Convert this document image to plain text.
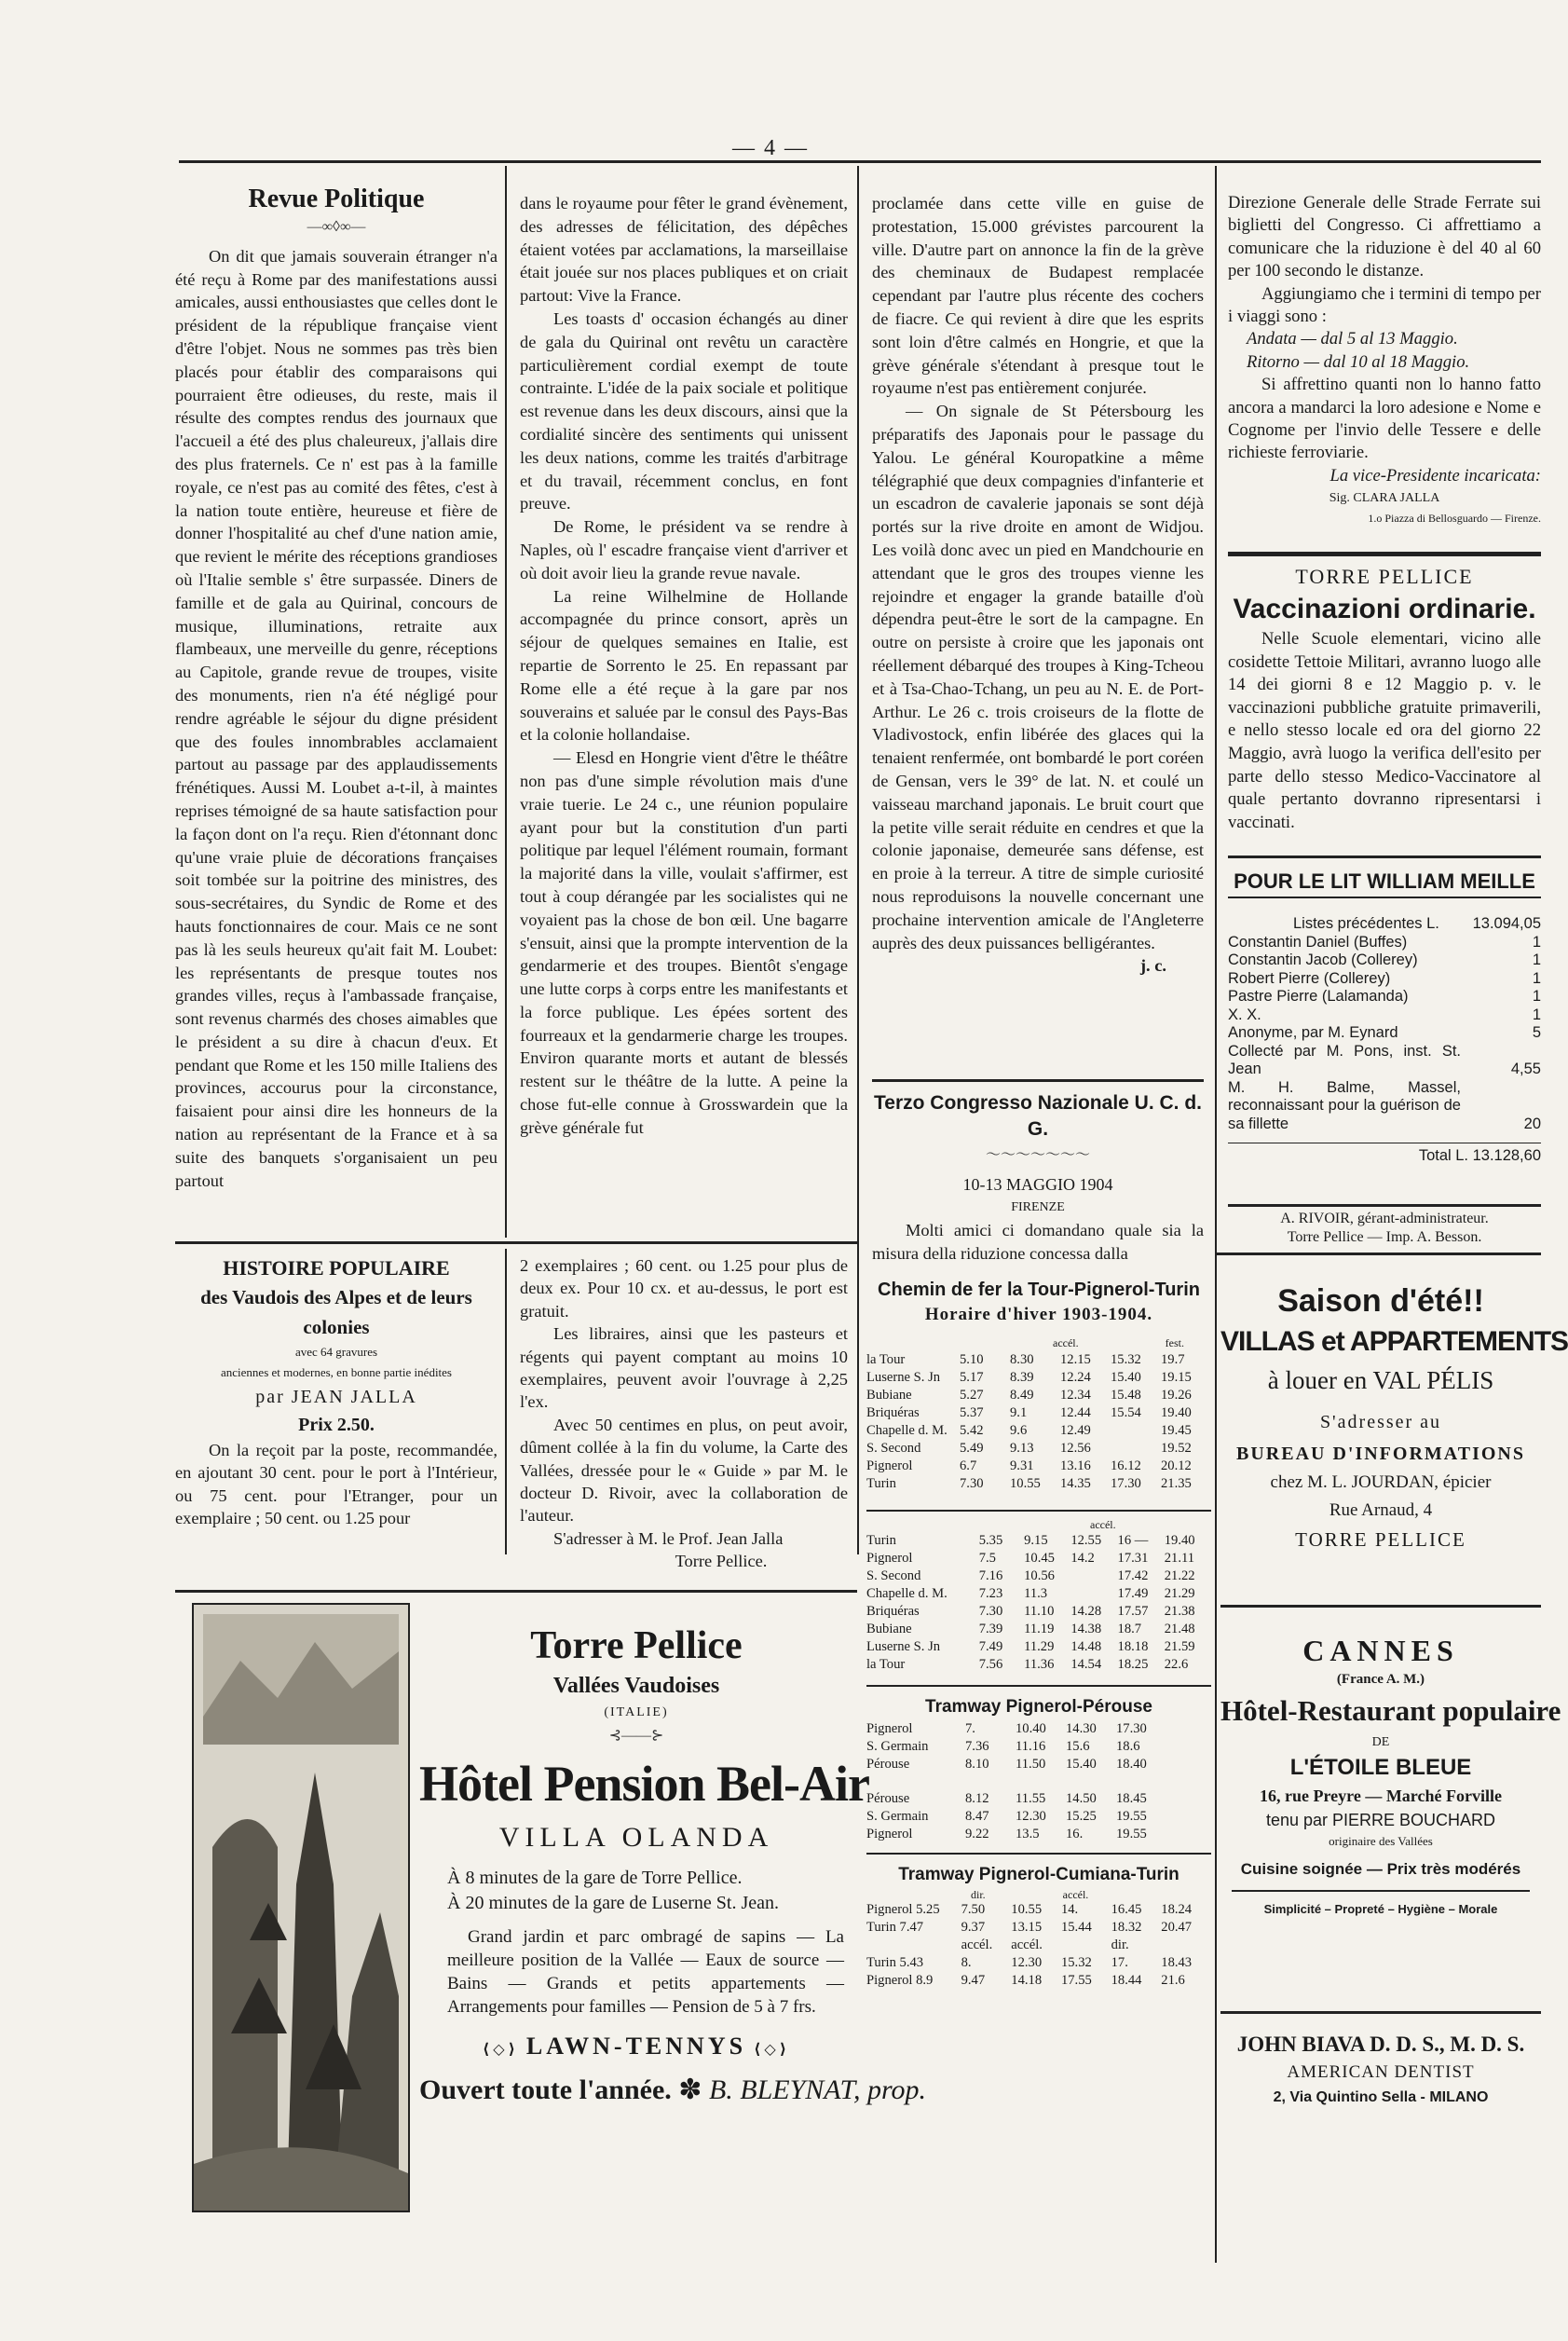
— 4 —
Revue Politique
—∞◊∞—

On dit que jamais souverain étranger n'a été reçu à Rome par des manifestations aussi amicales, aussi enthousiastes que celles dont le président de la république française vient d'être l'objet. Nous ne sommes pas très bien placés pour établir des comparaisons qui pourraient être odieuses, du reste, mais il résulte des comptes rendus des journaux que l'accueil a été des plus chaleureux, j'allais dire des plus fraternels. Ce n' est pas à la famille royale, ce n'est pas au comité des fêtes, c'est à la nation toute entière, heureuse et fière de donner l'hospitalité au chef d'une nation amie, que revient le mérite des réceptions grandioses où l'Italie semble s' être surpassée. Diners de famille et de gala au Quirinal, concours de musique, illuminations, retraite aux flambeaux, une merveille du genre, réceptions au Capitole, grande revue de troupes, visite des monuments, rien n'a été négligé pour rendre agréable le séjour du digne président que des foules innombrables acclamaient partout au passage par des applaudissements frénétiques. Aussi M. Loubet a-t-il, à maintes reprises témoigné de sa haute satisfaction pour la façon dont on l'a reçu. Rien d'étonnant donc qu'une vraie pluie de décorations françaises soit tombée sur la poitrine des ministres, des sous-secrétaires, du Syndic de Rome et des hauts fonctionnaires de cour. Mais ce ne sont pas là les seuls heureux qu'ait fait M. Loubet: les représentants de presque toutes nos grandes villes, reçus à l'ambassade française, sont revenus charmés des choses aimables que le président a su dire à chacun d'eux. Et pendant que Rome et les 150 mille Italiens des provinces, accourus pour la circonstance, faisaient pour ainsi dire les honneurs de la nation au représentant de la France et à sa suite des banquets s'organisaient un peu partout

dans le royaume pour fêter le grand évènement, des adresses de félicitation, des dépêches étaient votées par acclamations, la marseillaise était jouée sur nos places publiques et on criait partout: Vive la France.

Les toasts d' occasion échangés au diner de gala du Quirinal ont revêtu un caractère particulièrement cordial exempt de toute contrainte. L'idée de la paix sociale et politique est revenue dans les deux discours, ainsi que la cordialité sincère des sentiments qui unissent les deux nations, comme les traités d'arbitrage et du travail, récemment conclus, en font preuve.

De Rome, le président va se rendre à Naples, où l' escadre française vient d'arriver et où doit avoir lieu la grande revue navale.

La reine Wilhelmine de Hollande accompagnée du prince consort, après un séjour de quelques semaines en Italie, est repartie de Sorrento le 25. En repassant par Rome elle a été reçue à la gare par nos souverains et saluée par le consul des Pays-Bas et la colonie hollandaise.

— Elesd en Hongrie vient d'être le théâtre non pas d'une simple révolution mais d'une vraie tuerie. Le 24 c., une réunion populaire ayant pour but la constitution d'un parti politique par lequel l'élément roumain, formant la majorité dans la ville, voulait s'affirmer, est tout à coup dérangée par les socialistes qui ne voyaient pas la chose de bon œil. Une bagarre s'ensuit, ainsi que la prompte intervention de la gendarmerie et des troupes. Bientôt s'engage une lutte corps à corps entre les manifestants et la force publique. Les épées sortent des fourreaux et la gendarmerie charge les troupes. Environ quarante morts et autant de blessés restent sur le théâtre de la lutte. A peine la chose fut-elle connue à Grosswardein que la grève générale fut

proclamée dans cette ville en guise de protestation, 15.000 grévistes parcourent la ville. D'autre part on annonce la fin de la grève des cheminaux de Budapest remplacée cependant par l'autre plus récente des cochers de fiacre. Ce qui revient à dire que les esprits sont loin d'être calmés en Hongrie, et que la grève générale s'étendant à presque tout le royaume n'est pas entièrement conjurée.

— On signale de St Pétersbourg les préparatifs des Japonais pour le passage du Yalou. Le général Kouropatkine a même télégraphié que deux compagnies d'infanterie et un escadron de cavalerie japonais se sont déjà portés sur la rive droite en amont de Widjou. Les voilà donc avec un pied en Mandchourie en attendant que le gros des troupes vienne les rejoindre et engager la grande bataille d'où dépendra peut-être le sort de la campagne. En outre on persiste à croire que les japonais ont réellement débarqué des troupes à King-Tcheou et à Tsa-Chao-Tchang, un peu au N. E. de Port-Arthur. Le 26 c. trois croiseurs de la flotte de Vladivostock, enfin libérée des glaces qui la tenaient renfermée, ont bombardé le port coréen de Gensan, vers le 39° de lat. N. et coulé un vaisseau marchand japonais. Le bruit court que la petite ville serait réduite en cendres et que la colonie japonaise, demeurée sans défense, est en proie à la terreur. A titre de simple curiosité nous reproduisons la nouvelle concernant une prochaine intervention amicale de l'Angleterre auprès des deux puissances belligérantes.

j. c.
Terzo Congresso Nazionale U. C. d. G.
〜〜〜〜〜〜〜
10-13 MAGGIO 1904
FIRENZE

Molti amici ci domandano quale sia la misura della riduzione concessa dalla

Direzione Generale delle Strade Ferrate sui biglietti del Congresso. Ci affrettiamo a comunicare che la riduzione è del 40 al 60 per 100 secondo le distanze.

Aggiungiamo che i termini di tempo per i viaggi sono :

Andata — dal 5 al 13 Maggio.

Ritorno — dal 10 al 18 Maggio.

Si affrettino quanti non lo hanno fatto ancora a mandarci la loro adesione e Nome e Cognome per l'invio delle Tessere e delle richieste ferroviarie.

La vice-Presidente incaricata:
Sig. CLARA JALLA
1.o Piazza di Bellosguardo — Firenze.
TORRE PELLICE
Vaccinazioni ordinarie.

Nelle Scuole elementari, vicino alle cosidette Tettoie Militari, avranno luogo alle 14 dei giorni 8 e 12 Maggio p. v. le vaccinazioni pubbliche gratuite primaverili, e nello stesso locale ed ora del giorno 22 Maggio, avrà luogo la verifica dell'esito per parte dello stesso Medico-Vaccinatore al quale pertanto dovranno ripresentarsi i vaccinati.

POUR LE LIT WILLIAM MEILLE
Listes précédentes L. 13.094,05
Constantin Daniel (Buffes)	1
Constantin Jacob (Collerey)	1
Robert Pierre (Collerey)	1
Pastre Pierre (Lalamanda)	1
X. X.	1
Anonyme, par M. Eynard	5
Collecté par M. Pons, inst. St. Jean	4,55
M. H. Balme, Massel, reconnaissant pour la guérison de sa fillette	20
Total L. 13.128,60
A. RIVOIR, gérant-administrateur.
Torre Pellice — Imp. A. Besson.
HISTOIRE POPULAIRE
des Vaudois des Alpes et de leurs colonies
avec 64 gravures
anciennes et modernes, en bonne partie inédites
par JEAN JALLA
Prix 2.50.

On la reçoit par la poste, recommandée, en ajoutant 30 cent. pour le port à l'Intérieur, ou 75 cent. pour l'Etranger, pour un exemplaire ; 50 cent. ou 1.25 pour

2 exemplaires ; 60 cent. ou 1.25 pour plus de deux ex. Pour 10 cx. et au-dessus, le port est gratuit.

Les libraires, ainsi que les pasteurs et régents qui payent comptant au moins 10 exemplaires, peuvent avoir l'ouvrage à 2,25 l'ex.

Avec 50 centimes en plus, on peut avoir, dûment collée à la fin du volume, la Carte des Vallées, dressée pour le « Guide » par M. le docteur D. Rivoir, avec la collaboration de l'auteur.

S'adresser à M. le Prof. Jean Jalla

Torre Pellice.
Chemin de fer la Tour-Pignerol-Turin
Horaire d'hiver 1903-1904.
accél.	fest.
la Tour	5.10	8.30	12.15	15.32	19.7
Luserne S. Jn	5.17	8.39	12.24	15.40	19.15
Bubiane	5.27	8.49	12.34	15.48	19.26
Briquéras	5.37	9.1	12.44	15.54	19.40
Chapelle d. M.	5.42	9.6	12.49		19.45
S. Second	5.49	9.13	12.56		19.52
Pignerol	6.7	9.31	13.16	16.12	20.12
Turin	7.30	10.55	14.35	17.30	21.35
accél.
Turin	5.35	9.15	12.55	16 —	19.40
Pignerol	7.5	10.45	14.2	17.31	21.11
S. Second	7.16	10.56		17.42	21.22
Chapelle d. M.	7.23	11.3		17.49	21.29
Briquéras	7.30	11.10	14.28	17.57	21.38
Bubiane	7.39	11.19	14.38	18.7	21.48
Luserne S. Jn	7.49	11.29	14.48	18.18	21.59
la Tour	7.56	11.36	14.54	18.25	22.6
Tramway Pignerol-Pérouse
Pignerol	7.	10.40	14.30	17.30
S. Germain	7.36	11.16	15.6	18.6
Pérouse	8.10	11.50	15.40	18.40
Pérouse	8.12	11.55	14.50	18.45
S. Germain	8.47	12.30	15.25	19.55
Pignerol	9.22	13.5	16.	19.55
Tramway Pignerol-Cumiana-Turin
dir.	accél.
Pignerol 5.25	7.50	10.55	14.	16.45	18.24
Turin 7.47	9.37	13.15	15.44	18.32	20.47
	accél.	accél.		dir.	
Turin 5.43	8.	12.30	15.32	17.	18.43
Pignerol 8.9	9.47	14.18	17.55	18.44	21.6
Saison d'été!!
VILLAS et APPARTEMENTS
à louer en VAL PÉLIS
S'adresser au
BUREAU D'INFORMATIONS
chez M. L. JOURDAN, épicier
Rue Arnaud, 4
TORRE PELLICE
CANNES
(France A. M.)
Hôtel-Restaurant populaire
DE
L'ÉTOILE BLEUE
16, rue Preyre — Marché Forville
tenu par PIERRE BOUCHARD
originaire des Vallées
Cuisine soignée — Prix très modérés
Simplicité – Propreté – Hygiène – Morale
JOHN BIAVA D. D. S., M. D. S.
AMERICAN DENTIST
2, Via Quintino Sella - MILANO
Torre Pellice
Vallées Vaudoises
(ITALIE)
⊰——⊱
Hôtel Pension Bel-Air
VILLA OLANDA
À 8 minutes de la gare de Torre Pellice.
À 20 minutes de la gare de Luserne St. Jean.
Grand jardin et parc ombragé de sapins — La meilleure position de la Vallée — Eaux de source — Bains — Grands et petits appartements — Arrangements pour familles — Pension de 5 à 7 frs.
⟨◇⟩ LAWN-TENNYS ⟨◇⟩
Ouvert toute l'année. ✽ B. BLEYNAT, prop.
